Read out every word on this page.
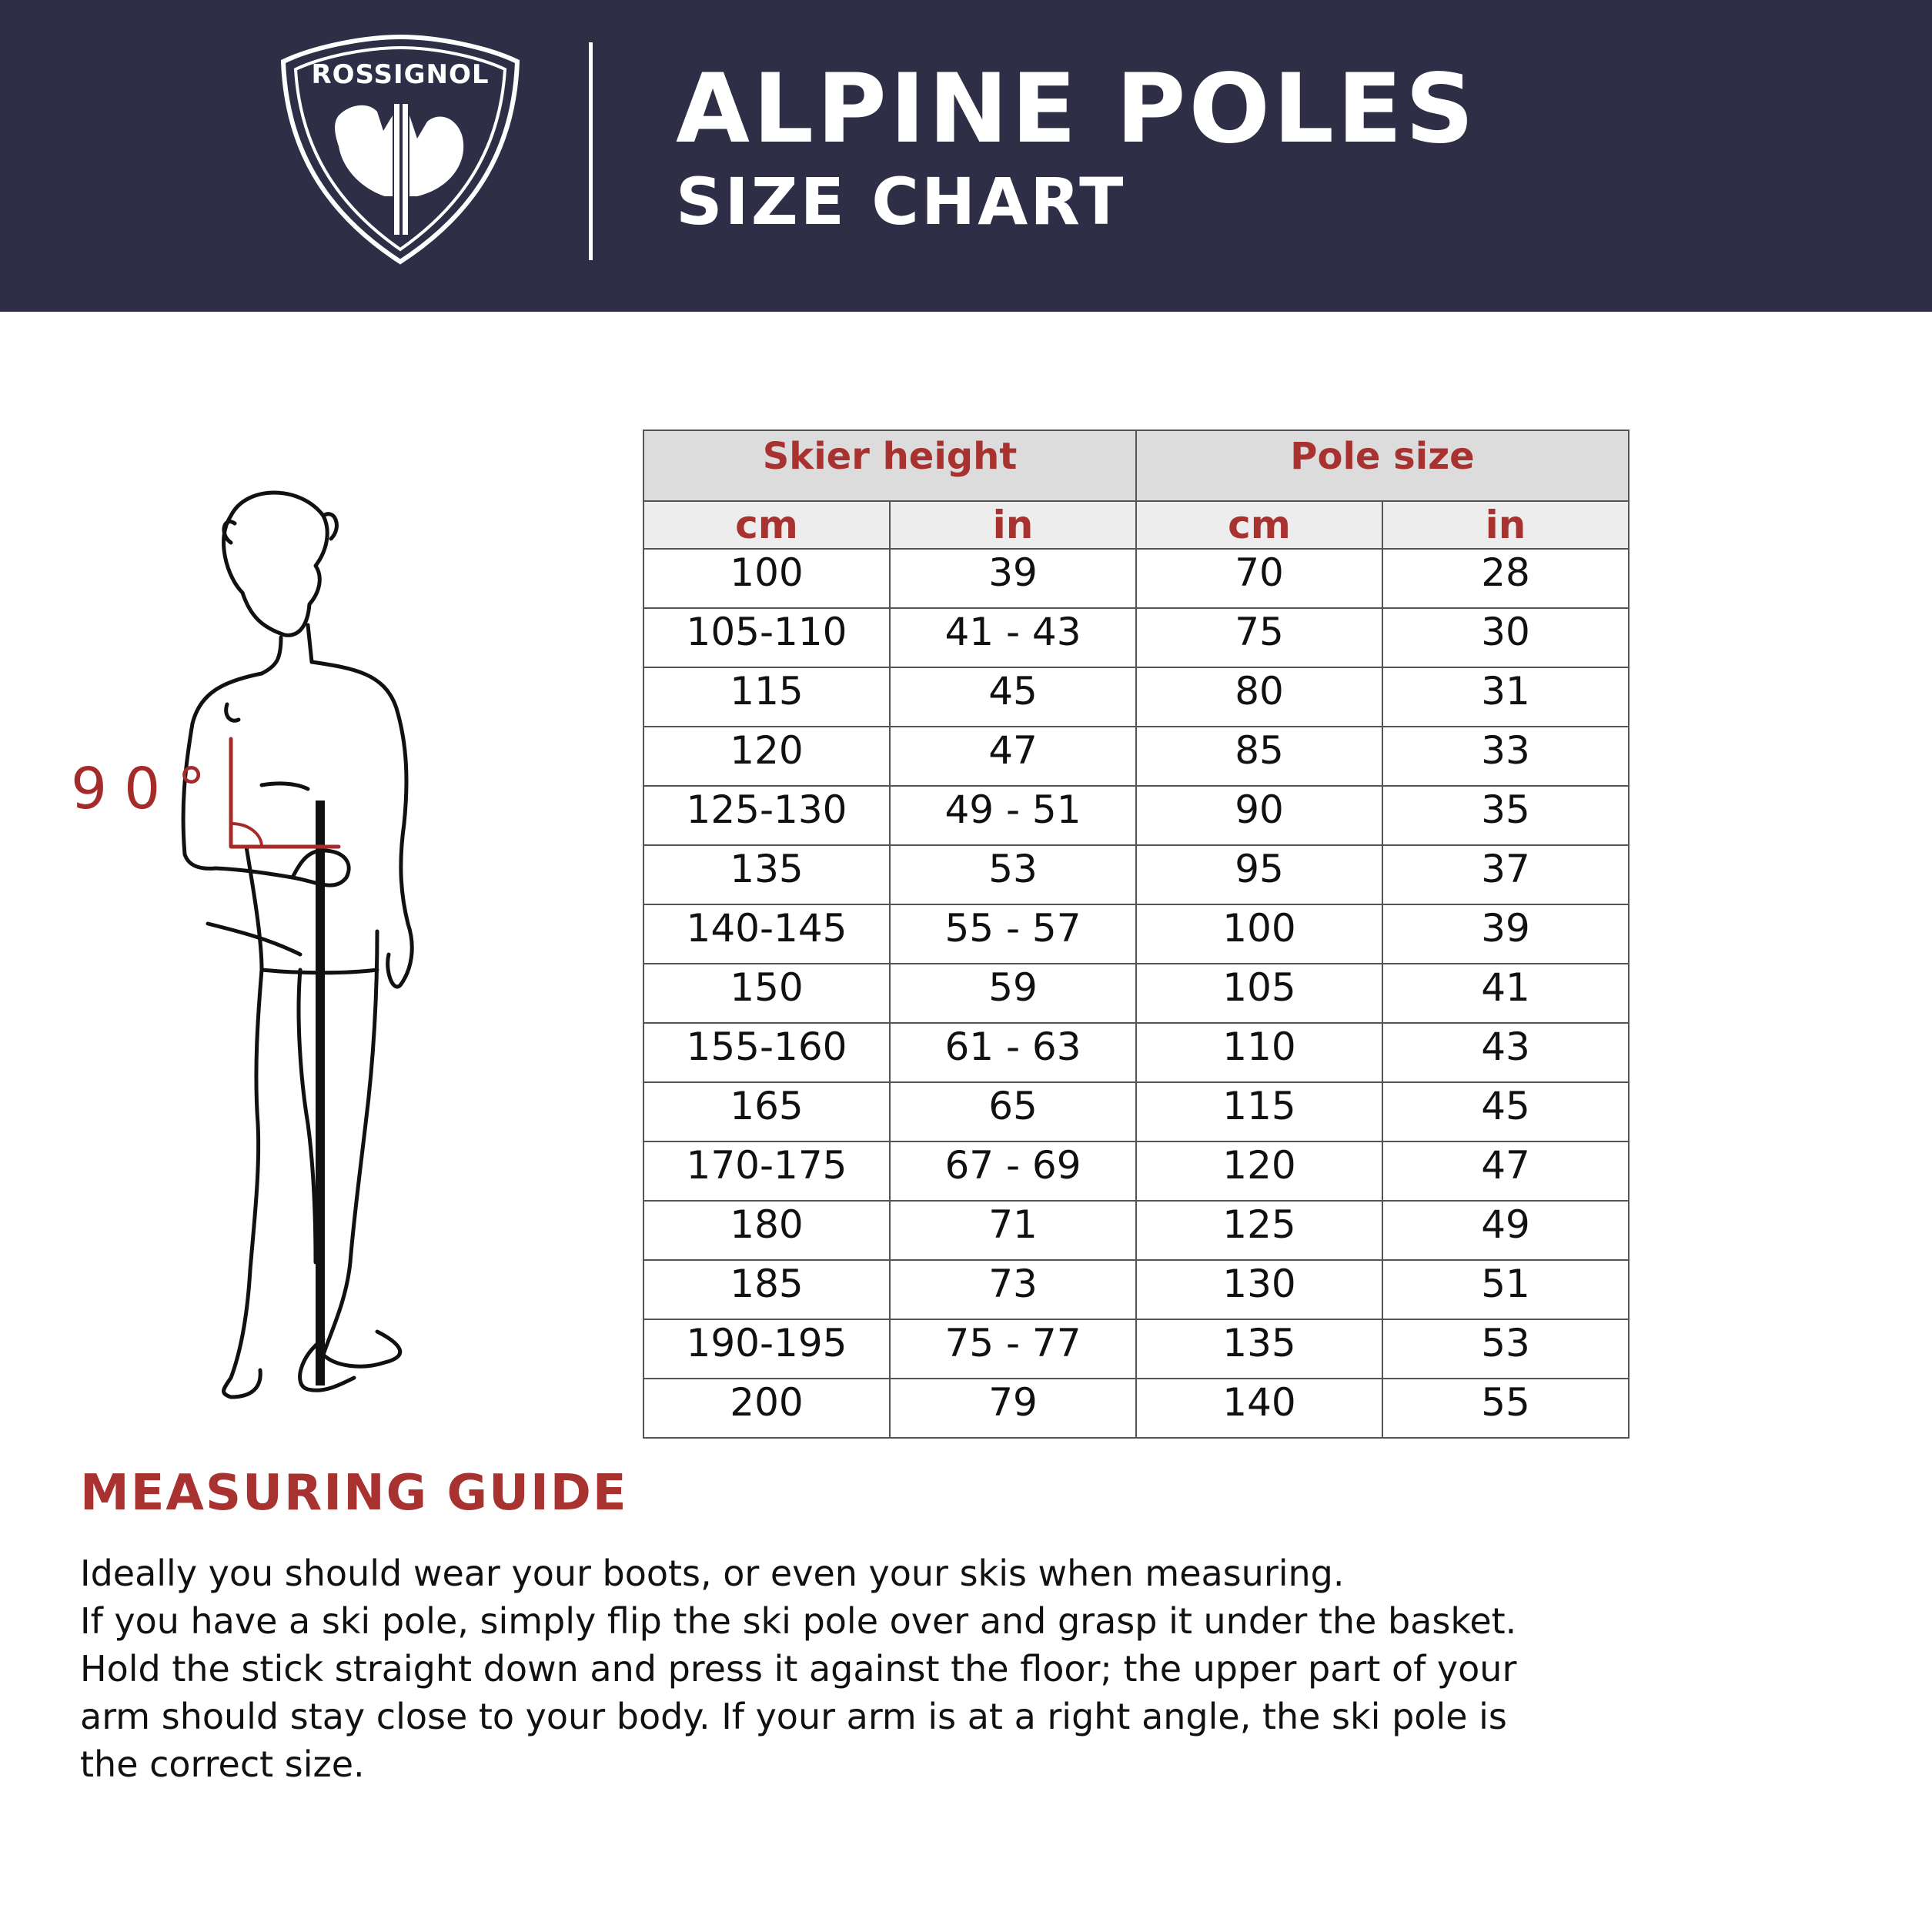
ROSSIGNOL ALPINE POLES
SIZE CHART
90°
Skier height		Pole size	
cm	in	cm	in
100	39	70	28
105-110	41 - 43	75	30
115	45	80	31
120	47	85	33
125-130	49 - 51	90	35
135	53	95	37
140-145	55 - 57	100	39
150	59	105	41
155-160	61 - 63	110	43
165	65	115	45
170-175	67 - 69	120	47
180	71	125	49
185	73	130	51
190-195	75 - 77	135	53
200	79	140	55
MEASURING GUIDE

Ideally you should wear your boots, or even your skis when measuring.
If you have a ski pole, simply flip the ski pole over and grasp it under the basket.
Hold the stick straight down and press it against the floor; the upper part of your
arm should stay close to your body. If your arm is at a right angle, the ski pole is
the correct size.
